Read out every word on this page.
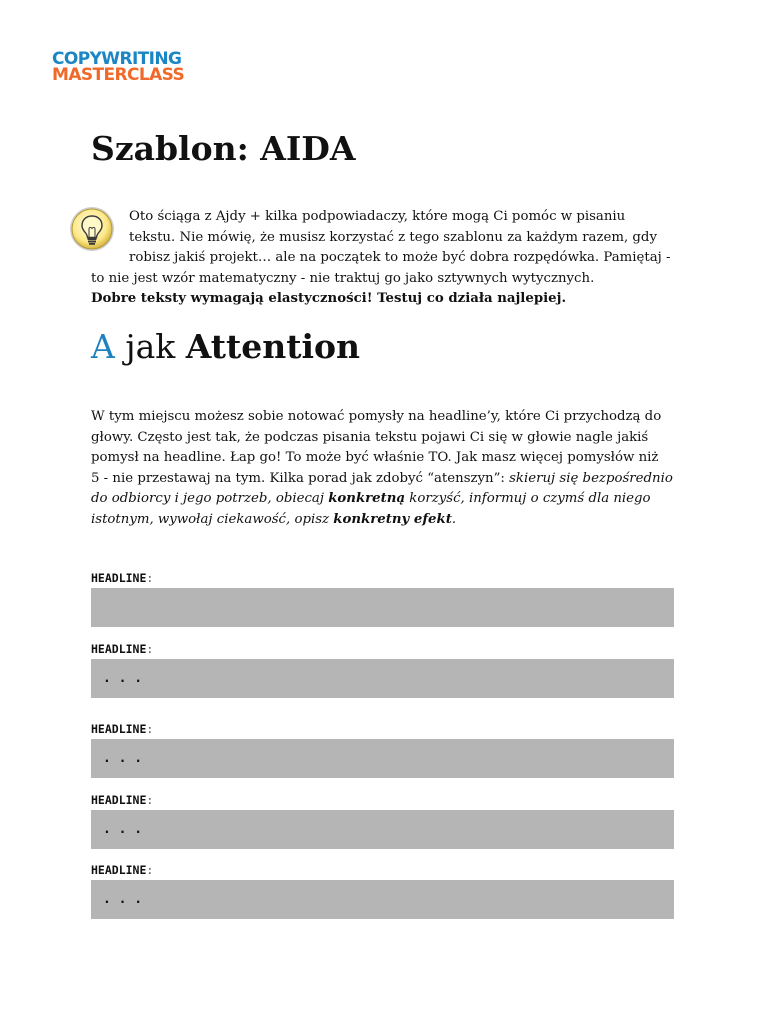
COPYWRITING
MASTERCLASS
Szablon: AIDA
Oto ściąga z Ajdy + kilka podpowiadaczy, które mogą Ci pomóc w pisaniu
tekstu. Nie mówię, że musisz korzystać z tego szablonu za każdym razem, gdy
robisz jakiś projekt… ale na początek to może być dobra rozpędówka. Pamiętaj -
to nie jest wzór matematyczny - nie traktuj go jako sztywnych wytycznych.
Dobre teksty wymagają elastyczności! Testuj co działa najlepiej.
A jak Attention
W tym miejscu możesz sobie notować pomysły na headline’y, które Ci przychodzą do
głowy. Często jest tak, że podczas pisania tekstu pojawi Ci się w głowie nagle jakiś
pomysł na headline. Łap go! To może być właśnie TO. Jak masz więcej pomysłów niż
5 - nie przestawaj na tym. Kilka porad jak zdobyć “atenszyn”: skieruj się bezpośrednio
do odbiorcy i jego potrzeb, obiecaj konkretną korzyść, informuj o czymś dla niego
istotnym, wywołaj ciekawość, opisz konkretny efekt.
HEADLINE:
HEADLINE:
. . .
HEADLINE:
. . .
HEADLINE:
. . .
HEADLINE:
. . .
